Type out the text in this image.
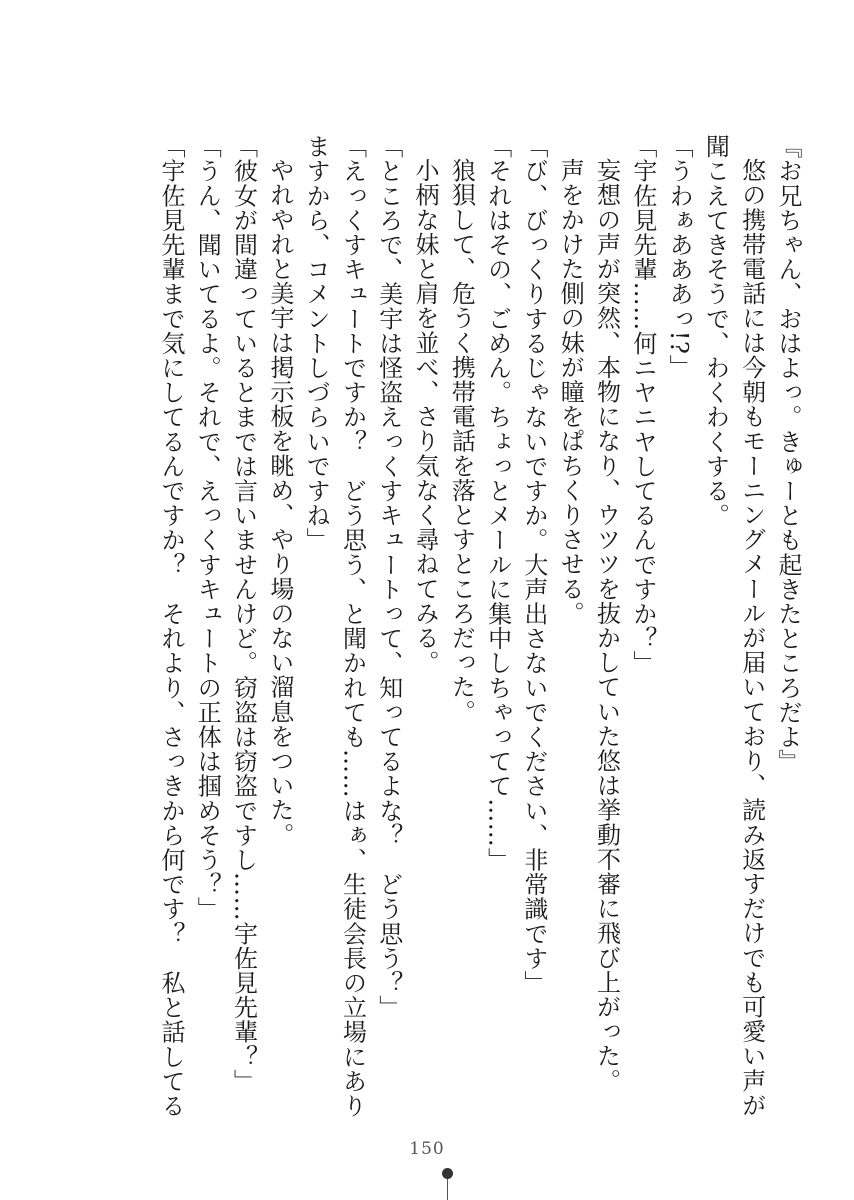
『お兄ちゃん、おはよっ。きゅーとも起きたところだよ』
悠の携帯電話には今朝もモーニングメールが届いており、読み返すだけでも可愛い声が
聞こえてきそうで、わくわくする。
「うわぁあああっ!?」
「宇佐見先輩……何ニヤニヤしてるんですか？」
妄想の声が突然、本物になり、ウツツを抜かしていた悠は挙動不審に飛び上がった。
声をかけた側の妹が瞳をぱちくりさせる。
「び、びっくりするじゃないですか。大声出さないでください、非常識です」
「それはその、ごめん。ちょっとメールに集中しちゃってて……」
狼狽して、危うく携帯電話を落とすところだった。
小柄な妹と肩を並べ、さり気なく尋ねてみる。
「ところで、美宇は怪盗えっくすキュートって、知ってるよな？　どう思う？」
「えっくすキュートですか？　どう思う、と聞かれても……はぁ、生徒会長の立場にあり
ますから、コメントしづらいですね」
やれやれと美宇は掲示板を眺め、やり場のない溜息をついた。
「彼女が間違っているとまでは言いませんけど。窃盗は窃盗ですし……宇佐見先輩？」
「うん、聞いてるよ。それで、えっくすキュートの正体は掴めそう？」
「宇佐見先輩まで気にしてるんですか？　それより、さっきから何です？　私と話してる
150
